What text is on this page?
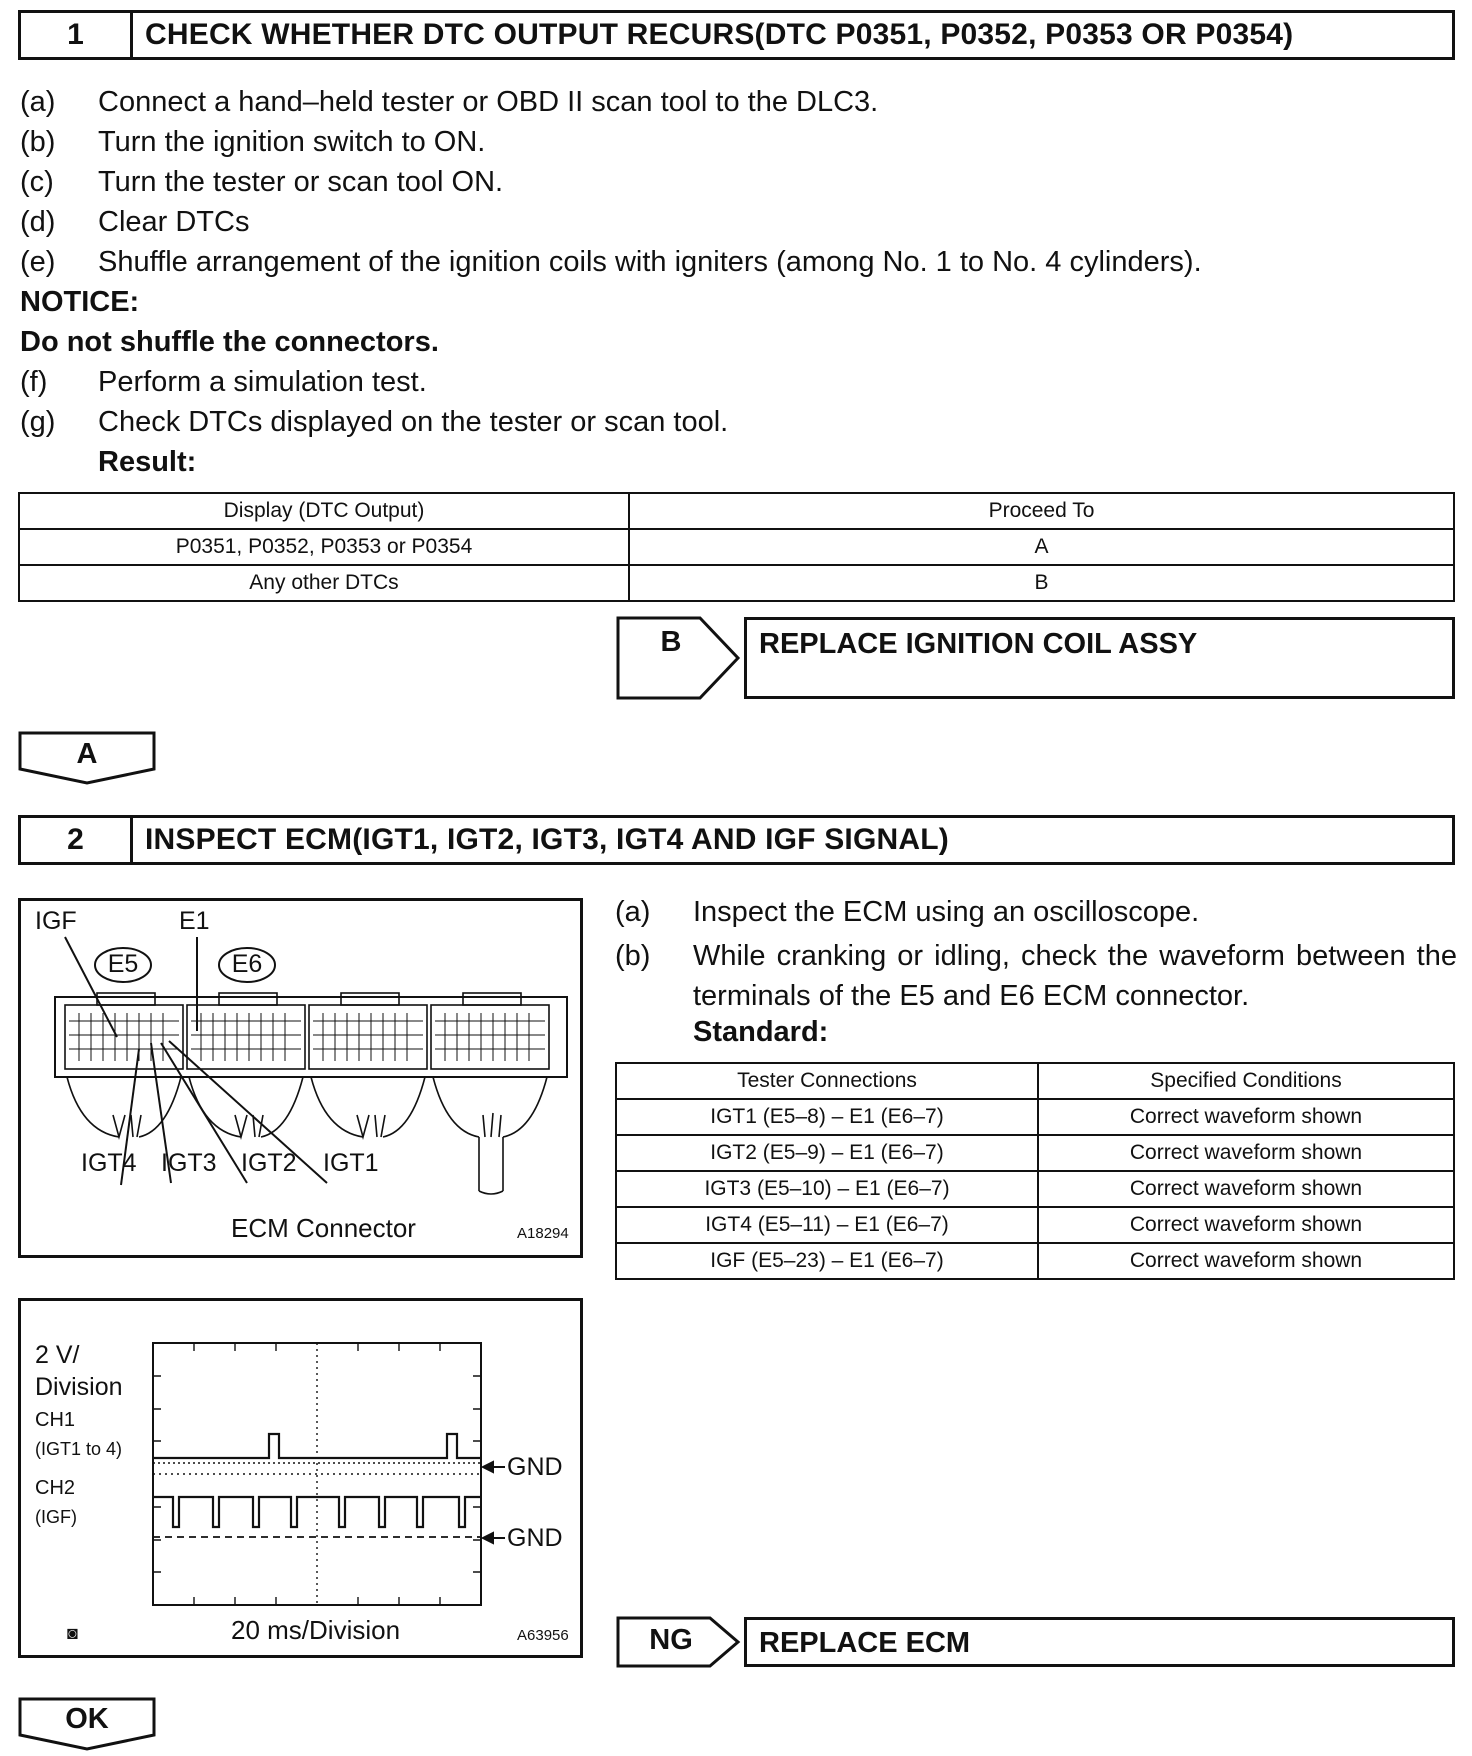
1	CHECK WHETHER DTC OUTPUT RECURS(DTC P0351, P0352, P0353 OR P0354)
(a) Connect a hand–held tester or OBD II scan tool to the DLC3.
(b) Turn the ignition switch to ON.
(c) Turn the tester or scan tool ON.
(d) Clear DTCs
(e) Shuffle arrangement of the ignition coils with igniters (among No. 1 to No. 4 cylinders).
NOTICE:
Do not shuffle the connectors.
(f) Perform a simulation test.
(g) Check DTCs displayed on the tester or scan tool.
Result:
Display (DTC Output)	Proceed To
P0351, P0352, P0353 or P0354	A
Any other DTCs	B
B	REPLACE IGNITION COIL ASSY
A
2	INSPECT ECM(IGT1, IGT2, IGT3, IGT4 AND IGF SIGNAL)
IGF	E1
E5	E6
IGT4 IGT3 IGT2 IGT1
ECM Connector	A18294
(a) Inspect the ECM using an oscilloscope.
(b) While cranking or idling, check the waveform between the terminals of the E5 and E6 ECM connector.
Standard:
Tester Connections	Specified Conditions
IGT1 (E5–8) – E1 (E6–7)	Correct waveform shown
IGT2 (E5–9) – E1 (E6–7)	Correct waveform shown
IGT3 (E5–10) – E1 (E6–7)	Correct waveform shown
IGT4 (E5–11) – E1 (E6–7)	Correct waveform shown
IGF (E5–23) – E1 (E6–7)	Correct waveform shown
2 V/
Division
CH1
(IGT1 to 4)
CH2
(IGF)
GND
GND
◙	20 ms/Division	A63956	NG	REPLACE ECM
OK
